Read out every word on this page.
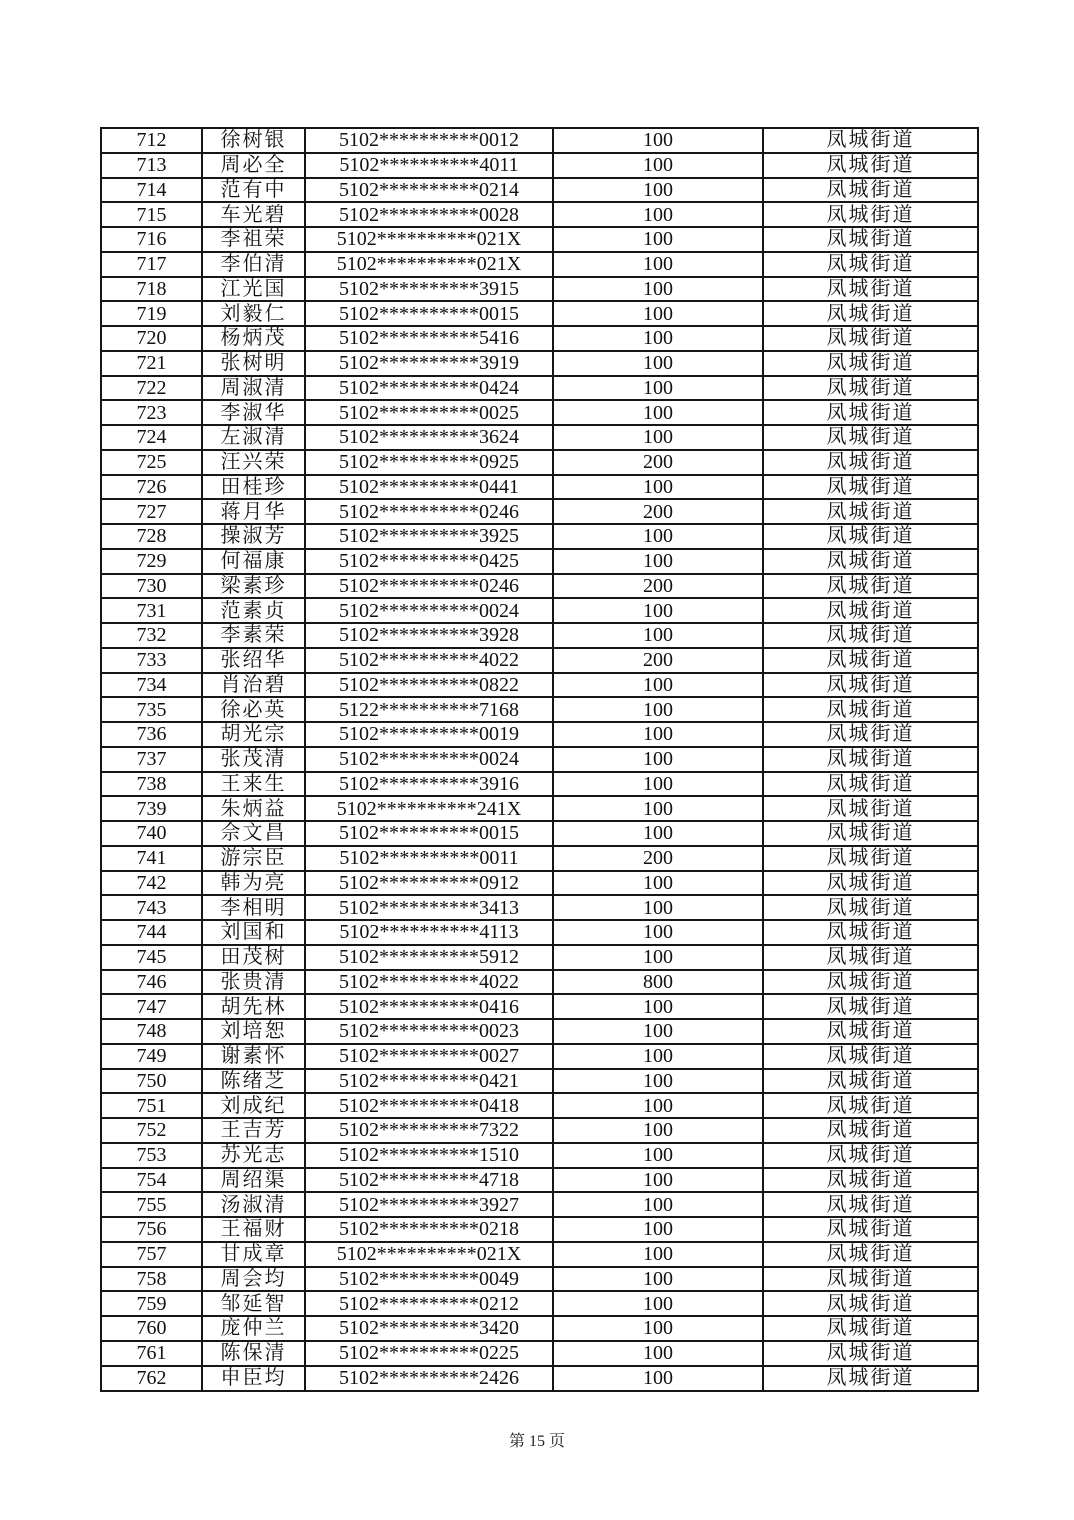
712	徐树银	5102**********0012	100	凤城街道
713	周必全	5102**********4011	100	凤城街道
714	范有中	5102**********0214	100	凤城街道
715	车光碧	5102**********0028	100	凤城街道
716	李祖荣	5102**********021X	100	凤城街道
717	李伯清	5102**********021X	100	凤城街道
718	江光国	5102**********3915	100	凤城街道
719	刘毅仁	5102**********0015	100	凤城街道
720	杨炳茂	5102**********5416	100	凤城街道
721	张树明	5102**********3919	100	凤城街道
722	周淑清	5102**********0424	100	凤城街道
723	李淑华	5102**********0025	100	凤城街道
724	左淑清	5102**********3624	100	凤城街道
725	汪兴荣	5102**********0925	200	凤城街道
726	田桂珍	5102**********0441	100	凤城街道
727	蒋月华	5102**********0246	200	凤城街道
728	操淑芳	5102**********3925	100	凤城街道
729	何福康	5102**********0425	100	凤城街道
730	梁素珍	5102**********0246	200	凤城街道
731	范素贞	5102**********0024	100	凤城街道
732	李素荣	5102**********3928	100	凤城街道
733	张绍华	5102**********4022	200	凤城街道
734	肖治碧	5102**********0822	100	凤城街道
735	徐必英	5122**********7168	100	凤城街道
736	胡光宗	5102**********0019	100	凤城街道
737	张茂清	5102**********0024	100	凤城街道
738	王来生	5102**********3916	100	凤城街道
739	朱炳益	5102**********241X	100	凤城街道
740	佘文昌	5102**********0015	100	凤城街道
741	游宗臣	5102**********0011	200	凤城街道
742	韩为亮	5102**********0912	100	凤城街道
743	李相明	5102**********3413	100	凤城街道
744	刘国和	5102**********4113	100	凤城街道
745	田茂树	5102**********5912	100	凤城街道
746	张贵清	5102**********4022	800	凤城街道
747	胡先林	5102**********0416	100	凤城街道
748	刘培恕	5102**********0023	100	凤城街道
749	谢素怀	5102**********0027	100	凤城街道
750	陈绪芝	5102**********0421	100	凤城街道
751	刘成纪	5102**********0418	100	凤城街道
752	王吉芳	5102**********7322	100	凤城街道
753	苏光志	5102**********1510	100	凤城街道
754	周绍渠	5102**********4718	100	凤城街道
755	汤淑清	5102**********3927	100	凤城街道
756	王福财	5102**********0218	100	凤城街道
757	甘成章	5102**********021X	100	凤城街道
758	周会均	5102**********0049	100	凤城街道
759	邹延智	5102**********0212	100	凤城街道
760	庞仲兰	5102**********3420	100	凤城街道
761	陈保清	5102**********0225	100	凤城街道
762	申臣均	5102**********2426	100	凤城街道
第 15 页
